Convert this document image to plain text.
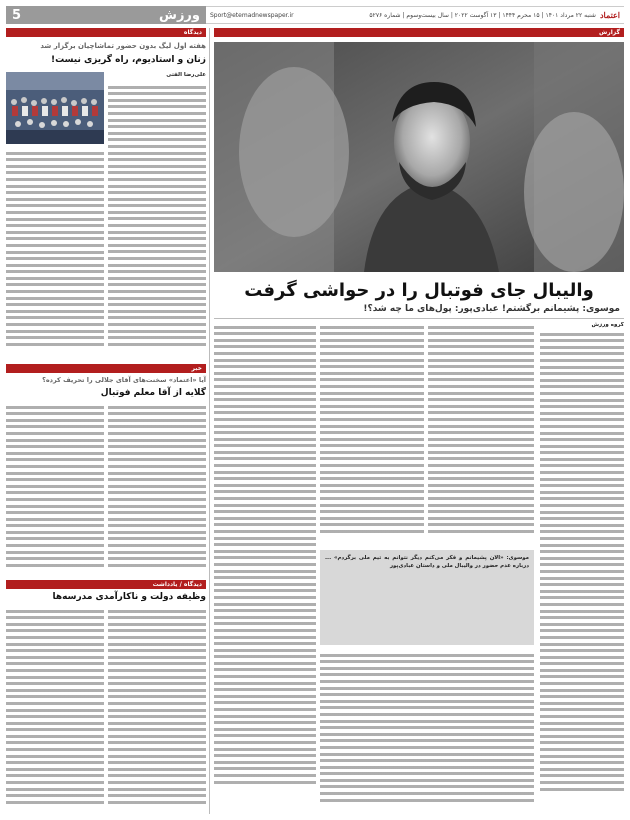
5	ورزش Sport@etemadnewspaper.ir	اعتماد
شنبه ۲۲ مرداد ۱۴۰۱ | ۱۵ محرم ۱۴۴۴ | ۱۳ آگوست ۲۰۲۲ | سال بیست‌وسوم | شماره ۵۲۷۶
گزارش
والیبال جای فوتبال را در حواشی گرفت
موسوی: پشیمانم برگشتم! عبادی‌پور: پول‌های ما چه شد؟!
گروه ورزش
موسوی: «الان پشیمانم و فکر می‌کنم دیگر نتوانم به تیم ملی برگردم» ... درباره عدم حضور در والیبال ملی و داستان عبادی‌پور
دیدگاه
هفته اول لیگ بدون حضور تماشاچیان برگزار شد
زنان و استادیوم، راه گریزی نیست!
علی‌رضا الفتی
خبر
آیا «اعتماد» سخنت‌های آقای جلالی را تحریف کرده؟
گلایه از آقا معلم فوتبال
دیدگاه / یادداشت
وظیفه دولت و ناکارآمدی مدرسه‌ها
